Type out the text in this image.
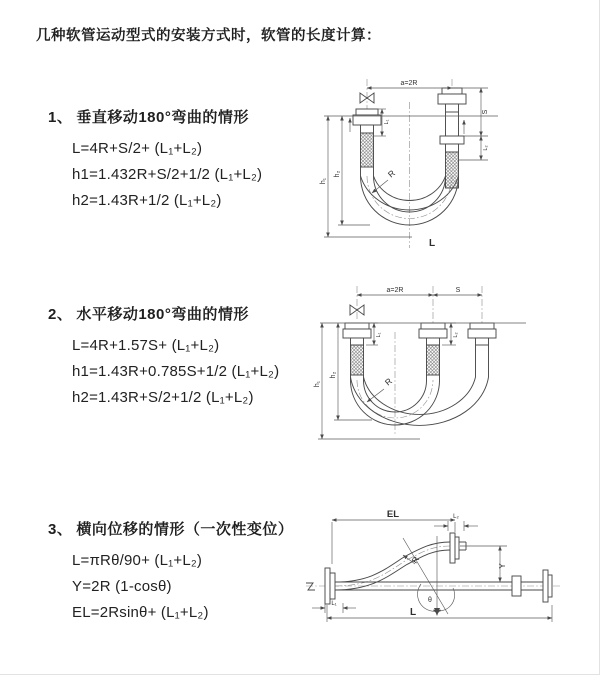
几种软管运动型式的安装方式时，软管的长度计算：
1、 垂直移动180°弯曲的情形
L=4R+S/2+ (L₁+L₂)
h1=1.432R+S/2+1/2 (L₁+L₂)
h2=1.43R+1/2 (L₁+L₂)
a=2R
S
L₂
L₁
h₁
h₂	R
L
2、 水平移动180°弯曲的情形
L=4R+1.57S+ (L₁+L₂)
h1=1.43R+0.785S+1/2 (L₁+L₂)
h2=1.43R+S/2+1/2 (L₁+L₂)
a=2R	S
h₁
h₂
L₁	L₂
R
3、 横向位移的情形（一次性变位）
L=πRθ/90+ (L₁+L₂)
Y=2R (1-cosθ)
EL=2Rsinθ+ (L₁+L₂)
EL	L₂
Y
L₁
L
R
θ
